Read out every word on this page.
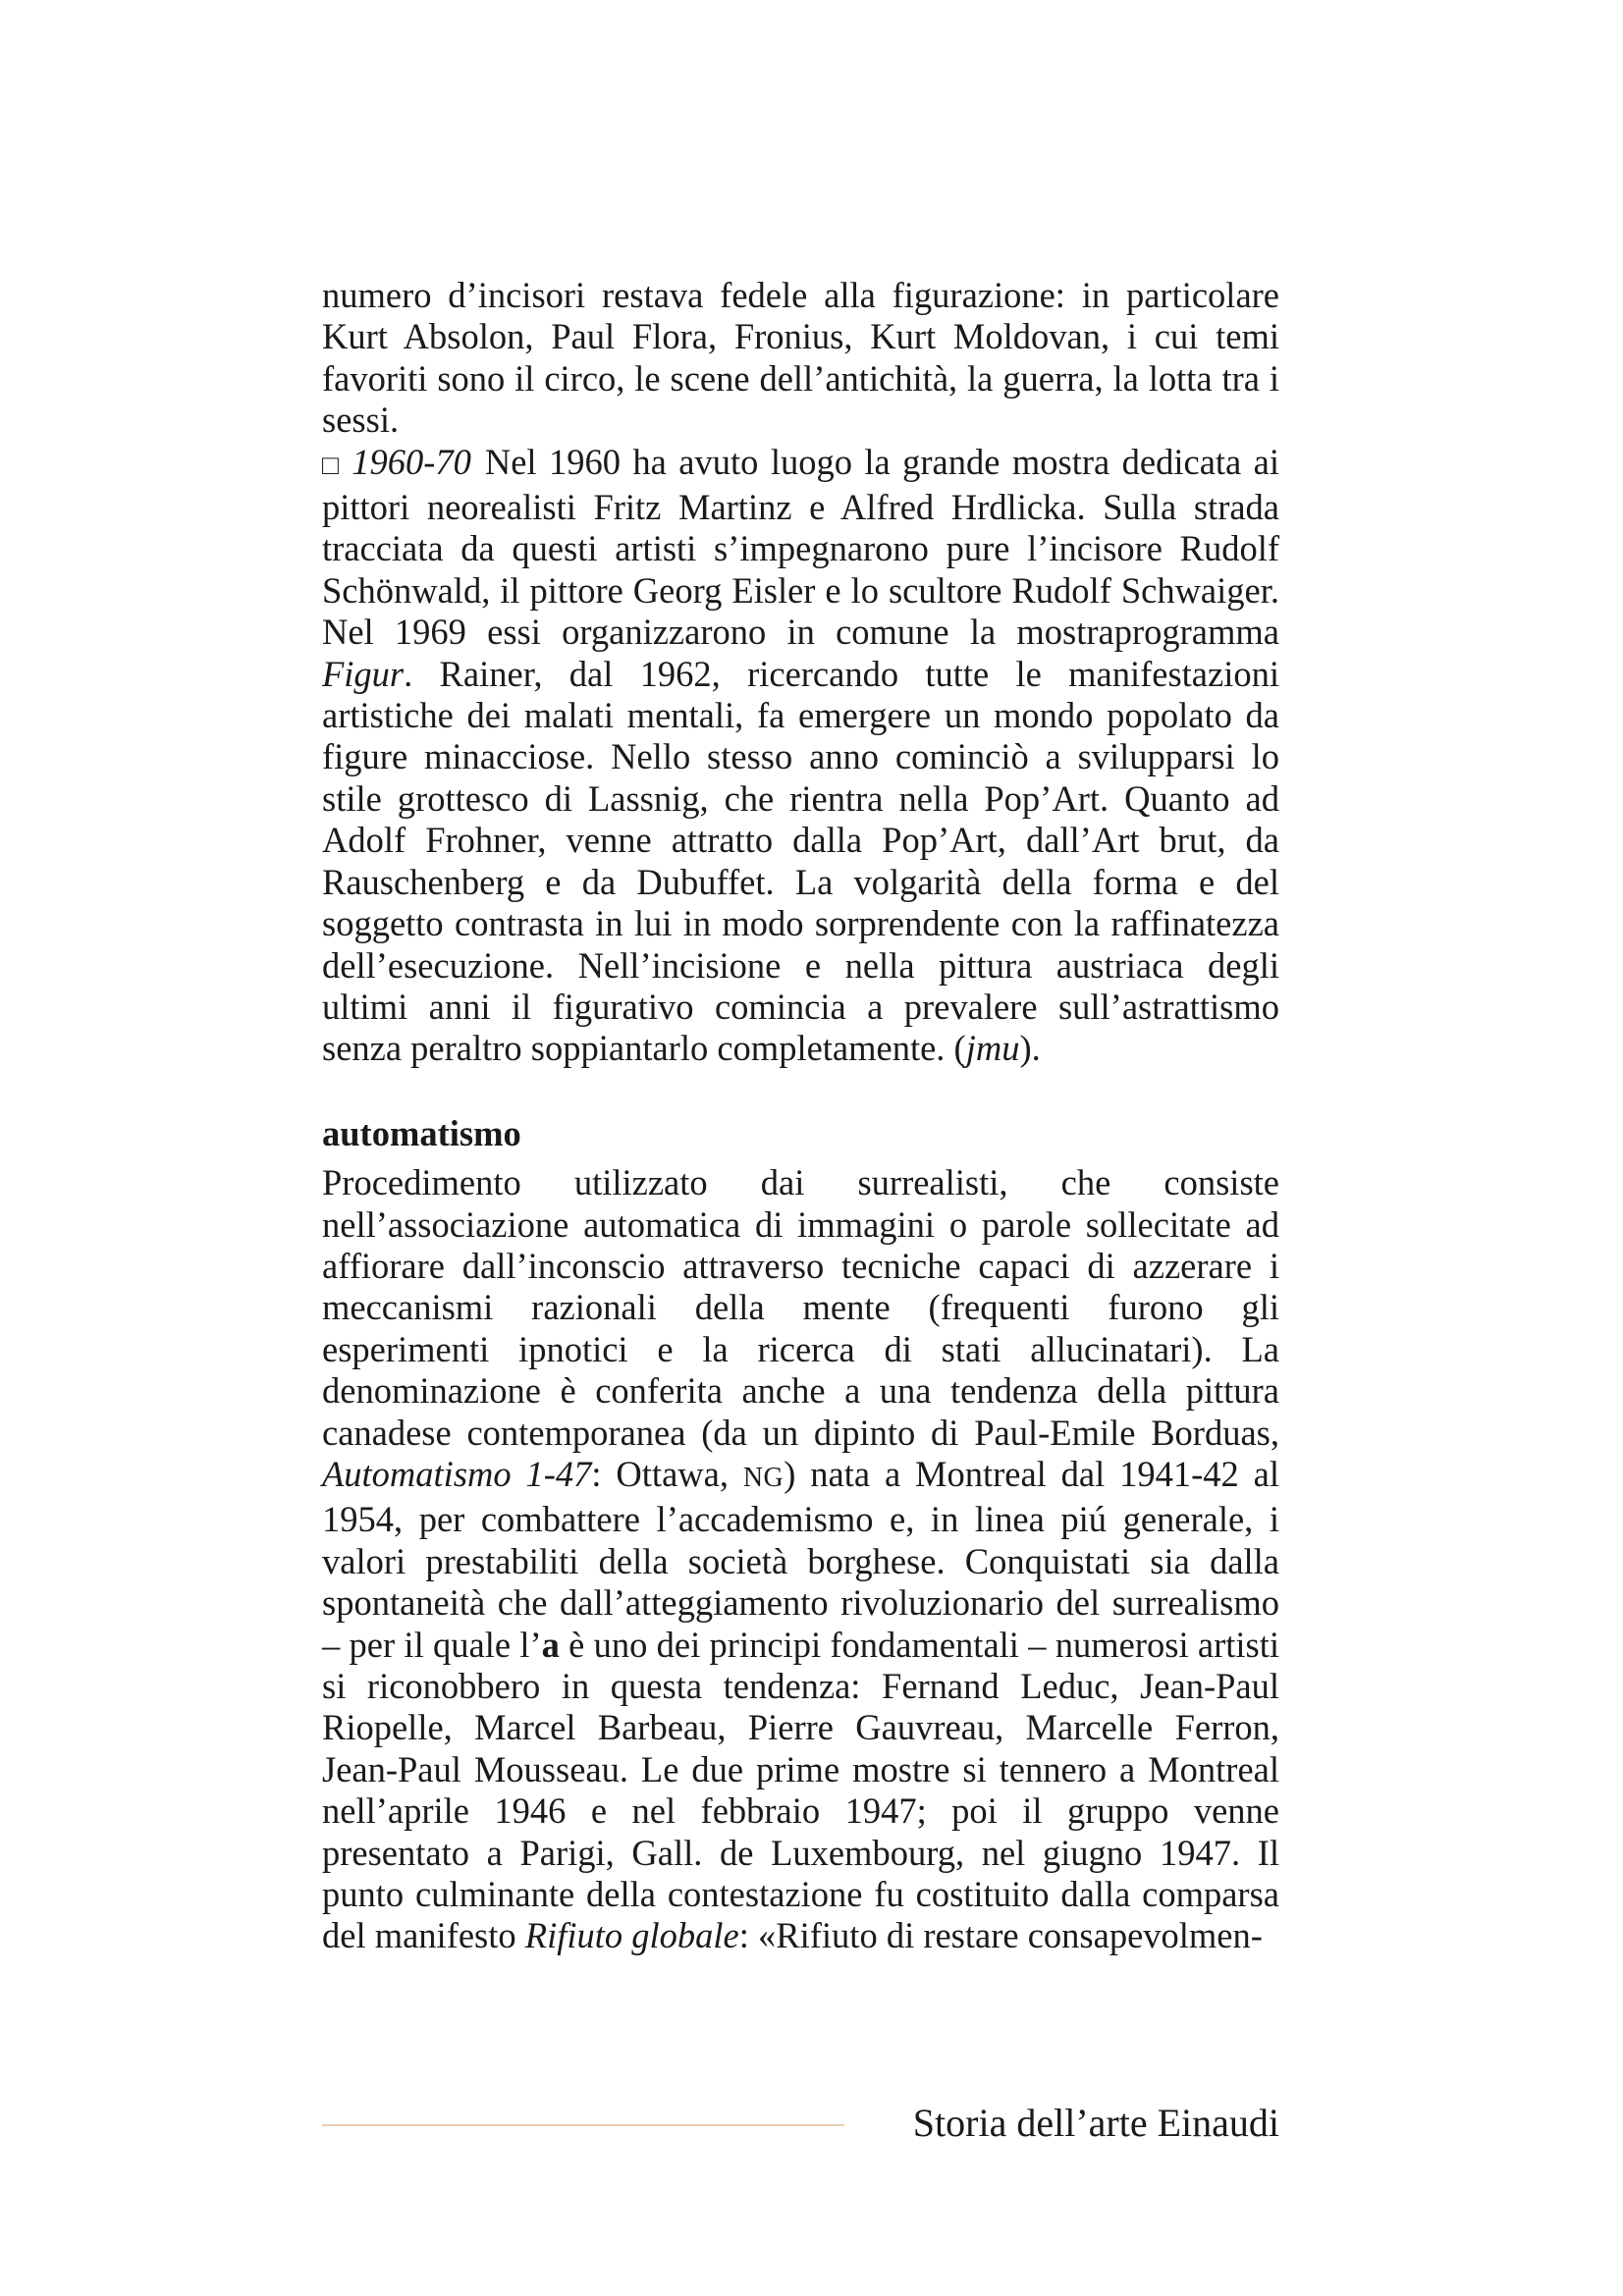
numero d’incisori restava fedele alla figurazione: in particolare Kurt Absolon, Paul Flora, Fronius, Kurt Moldovan, i cui temi favoriti sono il circo, le scene dell’antichità, la guerra, la lotta tra i sessi.

□ 1960-70 Nel 1960 ha avuto luogo la grande mostra dedicata ai pittori neorealisti Fritz Martinz e Alfred Hrdlicka. Sulla strada tracciata da questi artisti s’impegnarono pure l’incisore Rudolf Schönwald, il pittore Georg Eisler e lo scultore Rudolf Schwaiger. Nel 1969 essi organizzarono in comune la mostraprogramma Figur. Rainer, dal 1962, ricercando tutte le manifestazioni artistiche dei malati mentali, fa emergere un mondo popolato da figure minacciose. Nello stesso anno cominciò a svilupparsi lo stile grottesco di Lassnig, che rientra nella Pop’Art. Quanto ad Adolf Frohner, venne attratto dalla Pop’Art, dall’Art brut, da Rauschenberg e da Dubuffet. La volgarità della forma e del soggetto contrasta in lui in modo sorprendente con la raffinatezza dell’esecuzione. Nell’incisione e nella pittura austriaca degli ultimi anni il figurativo comincia a prevalere sull’astrattismo senza peraltro soppiantarlo completamente. (jmu).

automatismo

Procedimento utilizzato dai surrealisti, che consiste nell’associazione automatica di immagini o parole sollecitate ad affiorare dall’inconscio attraverso tecniche capaci di azzerare i meccanismi razionali della mente (frequenti furono gli esperimenti ipnotici e la ricerca di stati allucinatari). La denominazione è conferita anche a una tendenza della pittura canadese contemporanea (da un dipinto di Paul-Emile Borduas, Automatismo 1-47: Ottawa, NG) nata a Montreal dal 1941-42 al 1954, per combattere l’accademismo e, in linea piú generale, i valori prestabiliti della società borghese. Conquistati sia dalla spontaneità che dall’atteggiamento rivoluzionario del surrealismo – per il quale l’a è uno dei principi fondamentali – numerosi artisti si riconobbero in questa tendenza: Fernand Leduc, Jean-Paul Riopelle, Marcel Barbeau, Pierre Gauvreau, Marcelle Ferron, Jean-Paul Mousseau. Le due prime mostre si tennero a Montreal nell’aprile 1946 e nel febbraio 1947; poi il gruppo venne presentato a Parigi, Gall. de Luxembourg, nel giugno 1947. Il punto culminante della contestazione fu costituito dalla comparsa del manifesto Rifiuto globale: «Rifiuto di restare consapevolmen-

Storia dell’arte Einaudi
